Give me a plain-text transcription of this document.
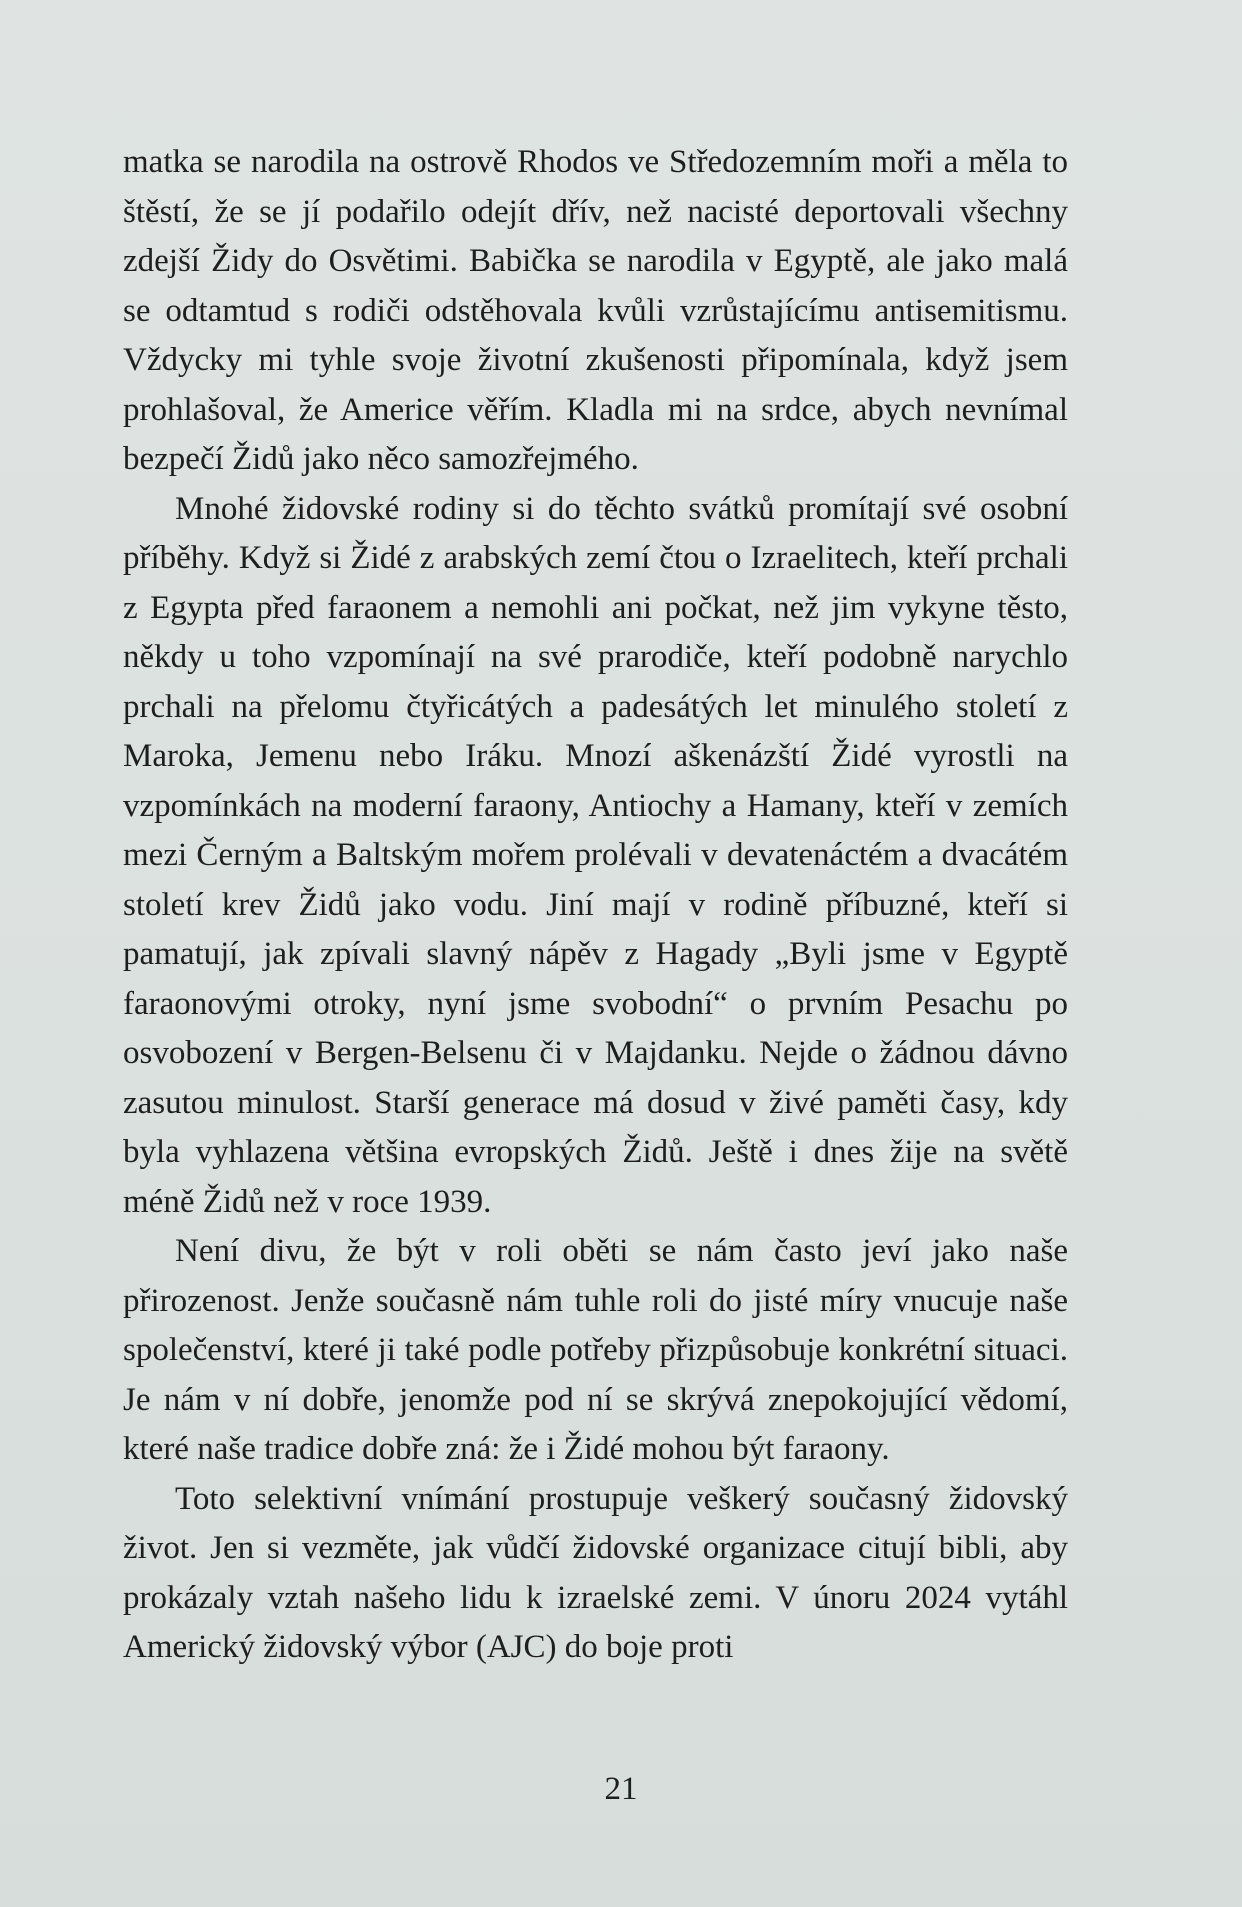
matka se narodila na ostrově Rhodos ve Středozemním moři a měla to štěstí, že se jí podařilo odejít dřív, než nacisté deportovali všechny zdejší Židy do Osvětimi. Babička se narodila v Egyptě, ale jako malá se odtamtud s rodiči odstěhovala kvůli vzrůstajícímu antisemitismu. Vždycky mi tyhle svoje životní zkušenosti připomínala, když jsem prohlašoval, že Americe věřím. Kladla mi na srdce, abych nevnímal bezpečí Židů jako něco samozřejmého.

Mnohé židovské rodiny si do těchto svátků promítají své osobní příběhy. Když si Židé z arabských zemí čtou o Izraelitech, kteří prchali z Egypta před faraonem a nemohli ani počkat, než jim vykyne těsto, někdy u toho vzpomínají na své prarodiče, kteří podobně narychlo prchali na přelomu čtyřicátých a padesátých let minulého století z Maroka, Jemenu nebo Iráku. Mnozí aškenázští Židé vyrostli na vzpomínkách na moderní faraony, Antiochy a Hamany, kteří v zemích mezi Černým a Baltským mořem prolévali v devatenáctém a dvacátém století krev Židů jako vodu. Jiní mají v rodině příbuzné, kteří si pamatují, jak zpívali slavný nápěv z Hagady „Byli jsme v Egyptě faraonovými otroky, nyní jsme svobodní“ o prvním Pesachu po osvobození v Bergen-Belsenu či v Majdanku. Nejde o žádnou dávno zasutou minulost. Starší generace má dosud v živé paměti časy, kdy byla vyhlazena většina evropských Židů. Ještě i dnes žije na světě méně Židů než v roce 1939.

Není divu, že být v roli oběti se nám často jeví jako naše přirozenost. Jenže současně nám tuhle roli do jisté míry vnucuje naše společenství, které ji také podle potřeby přizpůsobuje konkrétní situaci. Je nám v ní dobře, jenomže pod ní se skrývá znepokojující vědomí, které naše tradice dobře zná: že i Židé mohou být faraony.

Toto selektivní vnímání prostupuje veškerý současný židovský život. Jen si vezměte, jak vůdčí židovské organizace citují bibli, aby prokázaly vztah našeho lidu k izraelské zemi. V únoru 2024 vytáhl Americký židovský výbor (AJC) do boje proti

21
